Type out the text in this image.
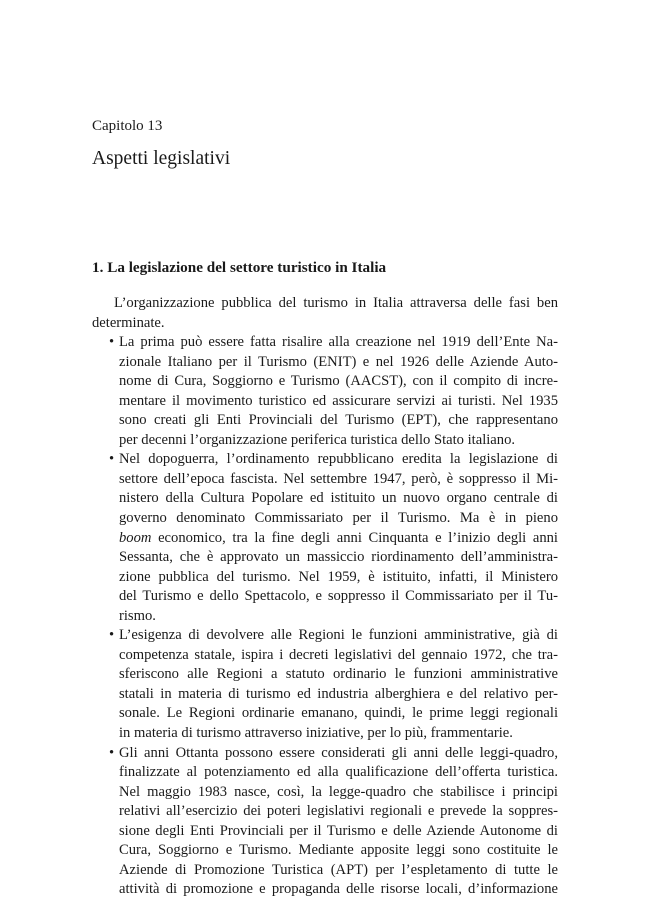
Capitolo 13
Aspetti legislativi
1. La legislazione del settore turistico in Italia
L’organizzazione pubblica del turismo in Italia attraversa delle fasi ben
determinate.
• La prima può essere fatta risalire alla creazione nel 1919 dell’Ente Na-
zionale Italiano per il Turismo (ENIT) e nel 1926 delle Aziende Auto-
nome di Cura, Soggiorno e Turismo (AACST), con il compito di incre-
mentare il movimento turistico ed assicurare servizi ai turisti. Nel 1935
sono creati gli Enti Provinciali del Turismo (EPT), che rappresentano
per decenni l’organizzazione periferica turistica dello Stato italiano.
• Nel dopoguerra, l’ordinamento repubblicano eredita la legislazione di
settore dell’epoca fascista. Nel settembre 1947, però, è soppresso il Mi-
nistero della Cultura Popolare ed istituito un nuovo organo centrale di
governo denominato Commissariato per il Turismo. Ma è in pieno
boom economico, tra la fine degli anni Cinquanta e l’inizio degli anni
Sessanta, che è approvato un massiccio riordinamento dell’amministra-
zione pubblica del turismo. Nel 1959, è istituito, infatti, il Ministero
del Turismo e dello Spettacolo, e soppresso il Commissariato per il Tu-
rismo.
• L’esigenza di devolvere alle Regioni le funzioni amministrative, già di
competenza statale, ispira i decreti legislativi del gennaio 1972, che tra-
sferiscono alle Regioni a statuto ordinario le funzioni amministrative
statali in materia di turismo ed industria alberghiera e del relativo per-
sonale. Le Regioni ordinarie emanano, quindi, le prime leggi regionali
in materia di turismo attraverso iniziative, per lo più, frammentarie.
• Gli anni Ottanta possono essere considerati gli anni delle leggi-quadro,
finalizzate al potenziamento ed alla qualificazione dell’offerta turistica.
Nel maggio 1983 nasce, così, la legge-quadro che stabilisce i principi
relativi all’esercizio dei poteri legislativi regionali e prevede la soppres-
sione degli Enti Provinciali per il Turismo e delle Aziende Autonome di
Cura, Soggiorno e Turismo. Mediante apposite leggi sono costituite le
Aziende di Promozione Turistica (APT) per l’espletamento di tutte le
attività di promozione e propaganda delle risorse locali, d’informazione
